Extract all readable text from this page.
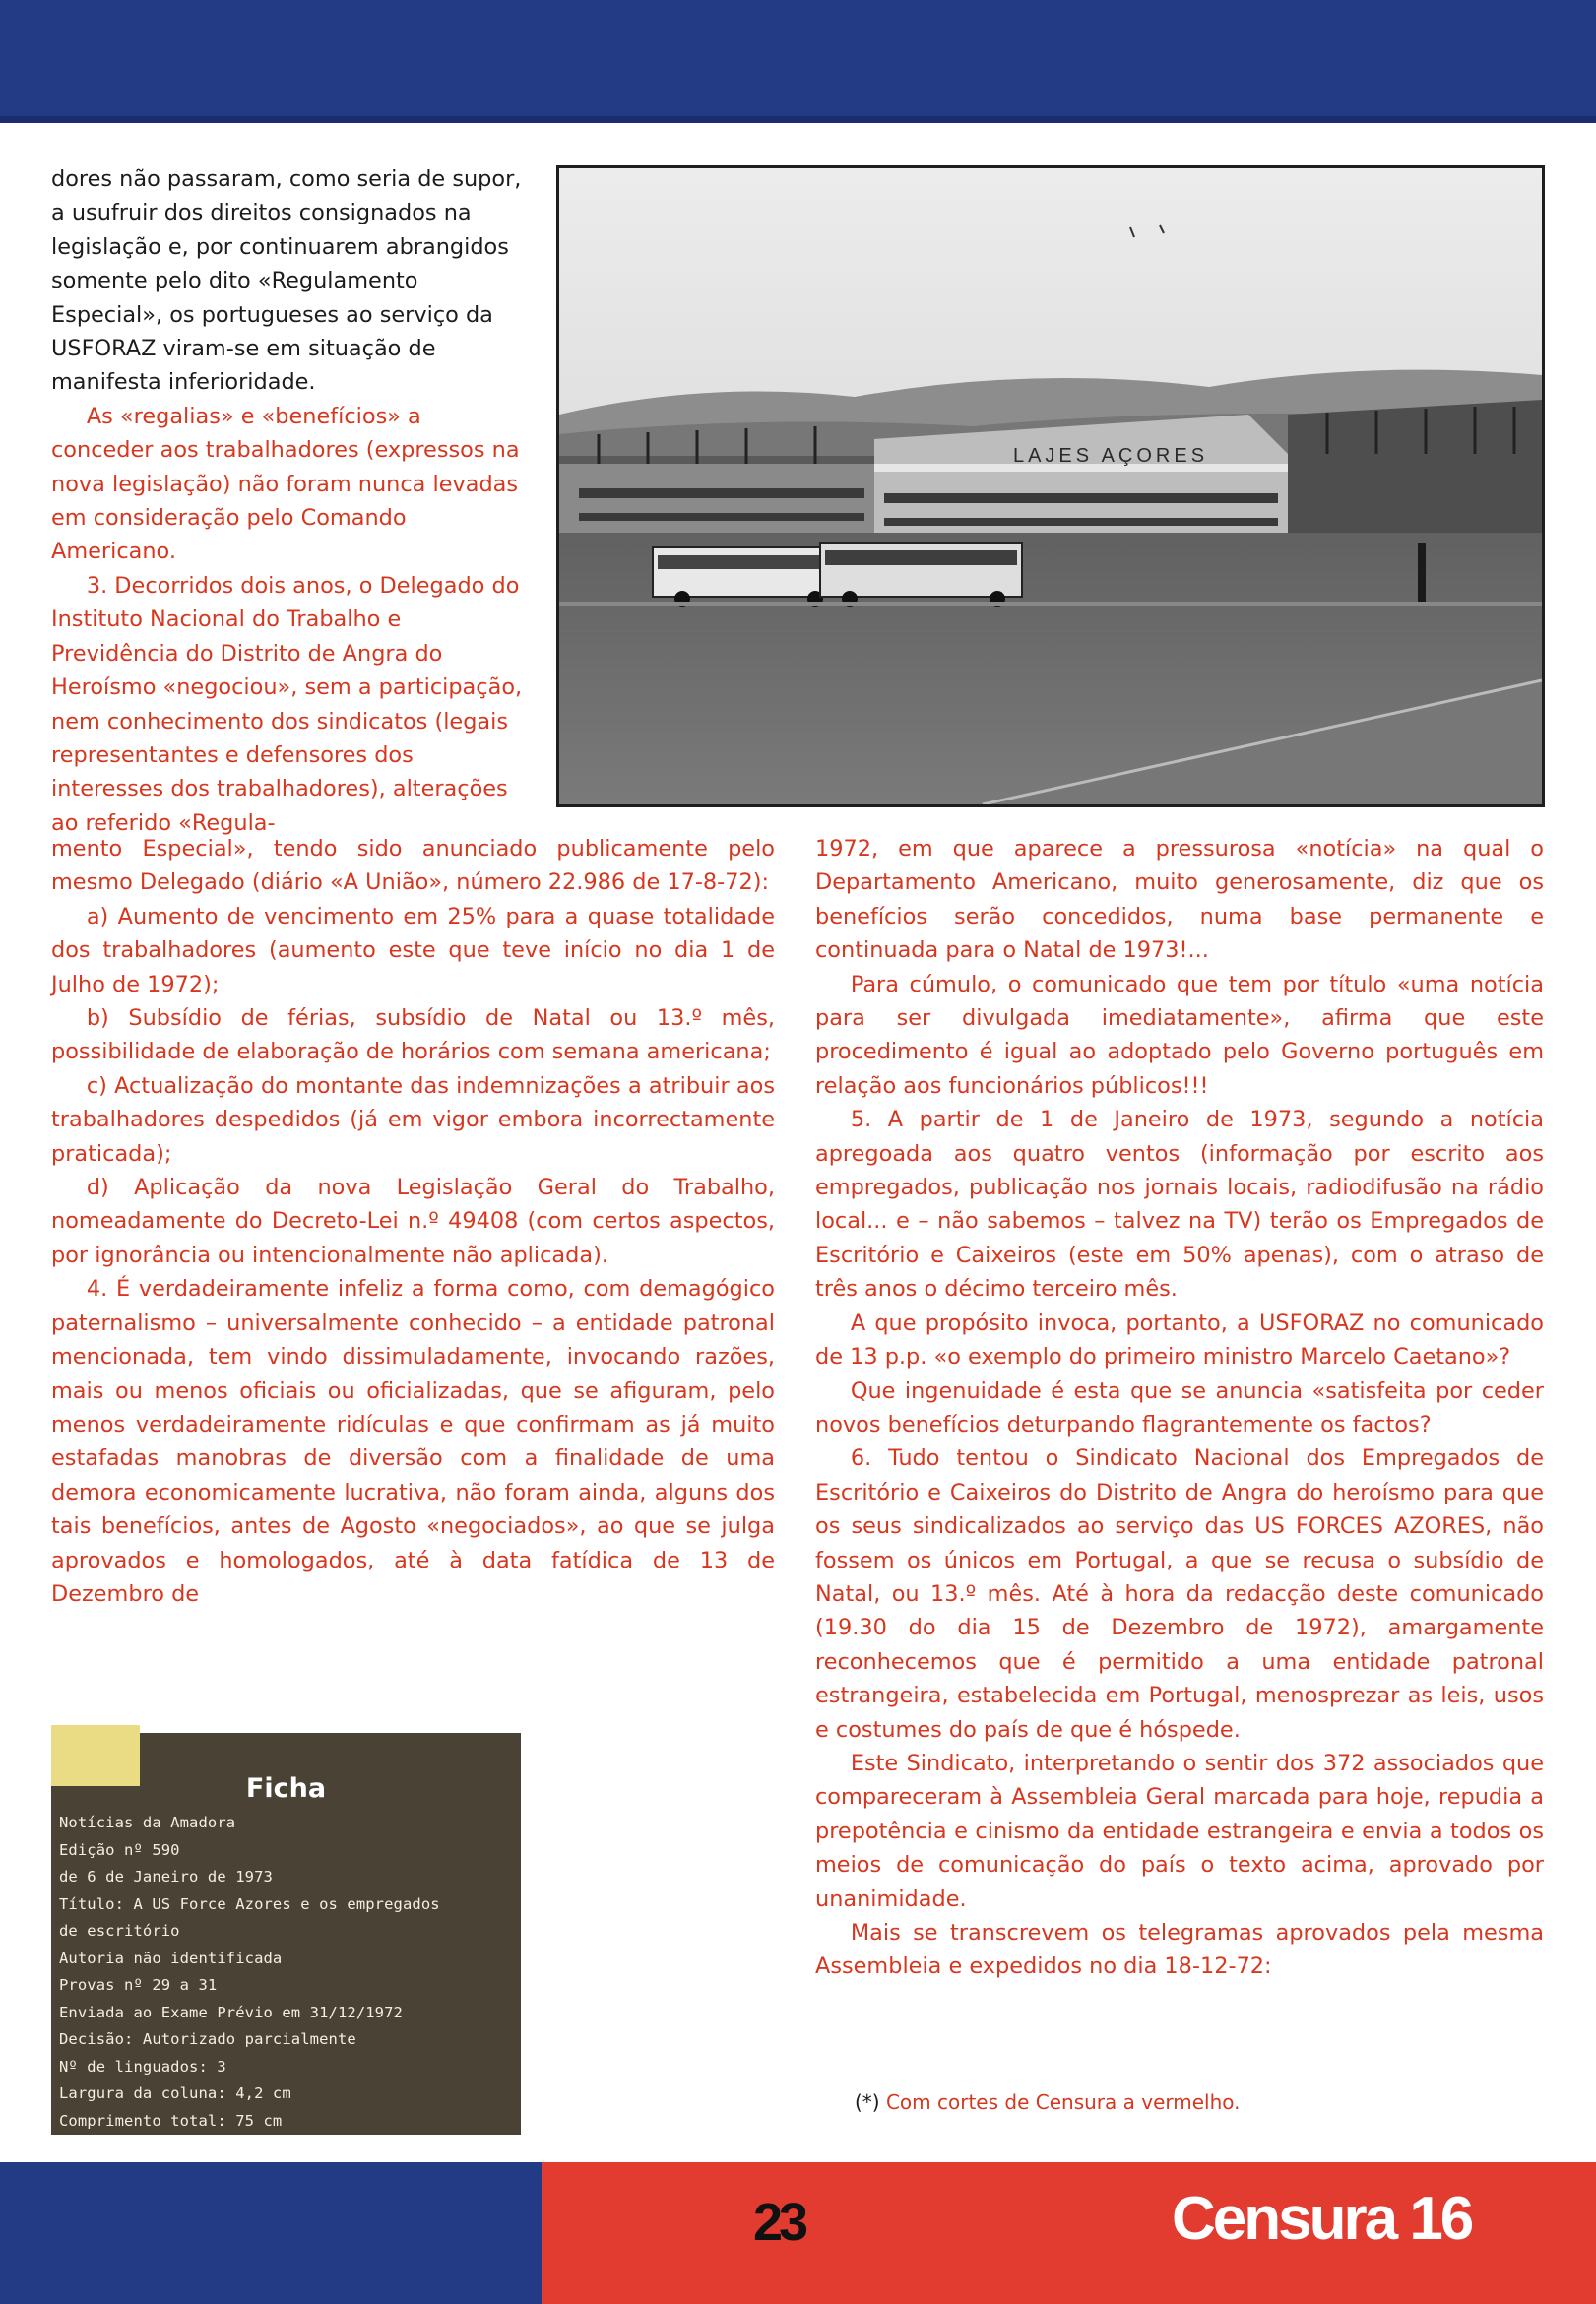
dores não passaram, como seria de supor, a usufruir dos direitos consignados na legislação e, por continuarem abrangidos somente pelo dito «Regulamento Especial», os portugueses ao serviço da USFORAZ viram-se em situação de manifesta inferioridade.

As «regalias» e «benefícios» a conceder aos trabalhadores (expressos na nova legislação) não foram nunca levadas em consideração pelo Comando Americano.

3. Decorridos dois anos, o Delegado do Instituto Nacional do Trabalho e Previdência do Distrito de Angra do Heroísmo «negociou», sem a participação, nem conhecimento dos sindicatos (legais representantes e defensores dos interesses dos trabalhadores), alterações ao referido «Regula-

LAJES AÇORES

mento Especial», tendo sido anunciado publicamente pelo mesmo Delegado (diário «A União», número 22.986 de 17-8-72):

a) Aumento de vencimento em 25% para a quase totalidade dos trabalhadores (aumento este que teve início no dia 1 de Julho de 1972);

b) Subsídio de férias, subsídio de Natal ou 13.º mês, possibilidade de elaboração de horários com semana americana;

c) Actualização do montante das indemnizações a atribuir aos trabalhadores despedidos (já em vigor embora incorrectamente praticada);

d) Aplicação da nova Legislação Geral do Trabalho, nomeadamente do Decreto-Lei n.º 49408 (com certos aspectos, por ignorância ou intencionalmente não aplicada).

4. É verdadeiramente infeliz a forma como, com demagógico paternalismo – universalmente conhecido – a entidade patronal mencionada, tem vindo dissimuladamente, invocando razões, mais ou menos oficiais ou oficializadas, que se afiguram, pelo menos verdadeiramente ridículas e que confirmam as já muito estafadas manobras de diversão com a finalidade de uma demora economicamente lucrativa, não foram ainda, alguns dos tais benefícios, antes de Agosto «negociados», ao que se julga aprovados e homologados, até à data fatídica de 13 de Dezembro de

1972, em que aparece a pressurosa «notícia» na qual o Departamento Americano, muito generosamente, diz que os benefícios serão concedidos, numa base permanente e continuada para o Natal de 1973!...

Para cúmulo, o comunicado que tem por título «uma notícia para ser divulgada imediatamente», afirma que este procedimento é igual ao adoptado pelo Governo português em relação aos funcionários públicos!!!

5. A partir de 1 de Janeiro de 1973, segundo a notícia apregoada aos quatro ventos (informação por escrito aos empregados, publicação nos jornais locais, radiodifusão na rádio local... e – não sabemos – talvez na TV) terão os Empregados de Escritório e Caixeiros (este em 50% apenas), com o atraso de três anos o décimo terceiro mês.

A que propósito invoca, portanto, a USFORAZ no comunicado de 13 p.p. «o exemplo do primeiro ministro Marcelo Caetano»?

Que ingenuidade é esta que se anuncia «satisfeita por ceder novos benefícios deturpando flagrantemente os factos?

6. Tudo tentou o Sindicato Nacional dos Empregados de Escritório e Caixeiros do Distrito de Angra do heroísmo para que os seus sindicalizados ao serviço das US FORCES AZORES, não fossem os únicos em Portugal, a que se recusa o subsídio de Natal, ou 13.º mês. Até à hora da redacção deste comunicado (19.30 do dia 15 de Dezembro de 1972), amargamente reconhecemos que é permitido a uma entidade patronal estrangeira, estabelecida em Portugal, menosprezar as leis, usos e costumes do país de que é hóspede.

Este Sindicato, interpretando o sentir dos 372 associados que compareceram à Assembleia Geral marcada para hoje, repudia a prepotência e cinismo da entidade estrangeira e envia a todos os meios de comunicação do país o texto acima, aprovado por unanimidade.

Mais se transcrevem os telegramas aprovados pela mesma Assembleia e expedidos no dia 18-12-72:

(*) Com cortes de Censura a vermelho.
Ficha
Notícias da Amadora
Edição nº 590
de 6 de Janeiro de 1973
Título: A US Force Azores e os empregados
de escritório
Autoria não identificada
Provas nº 29 a 31
Enviada ao Exame Prévio em 31/12/1972
Decisão: Autorizado parcialmente
Nº de linguados: 3
Largura da coluna: 4,2 cm
Comprimento total: 75 cm
23	Censura 16
